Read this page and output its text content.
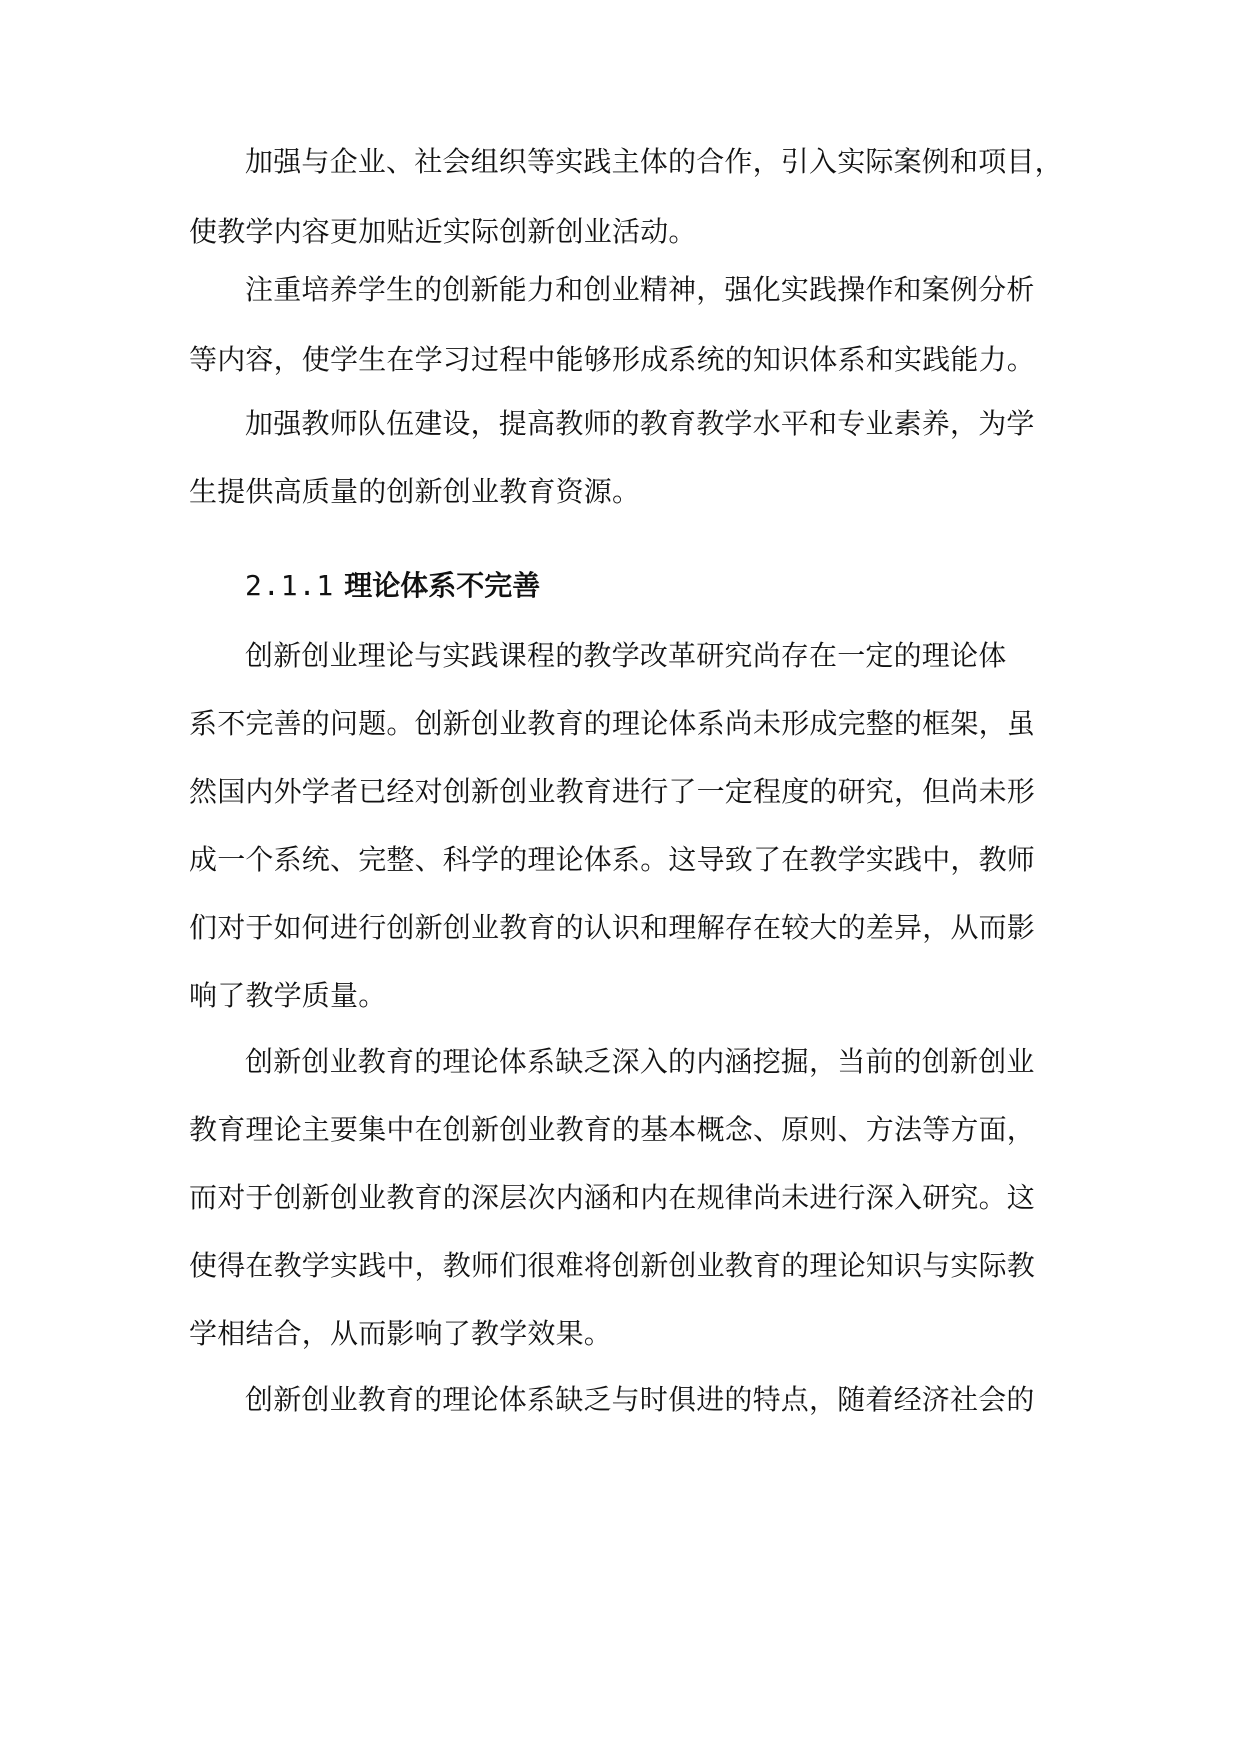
加强与企业、社会组织等实践主体的合作，引入实际案例和项目，
使教学内容更加贴近实际创新创业活动。
注重培养学生的创新能力和创业精神，强化实践操作和案例分析
等内容，使学生在学习过程中能够形成系统的知识体系和实践能力。
加强教师队伍建设，提高教师的教育教学水平和专业素养，为学
生提供高质量的创新创业教育资源。
2.1.1 理论体系不完善
创新创业理论与实践课程的教学改革研究尚存在一定的理论体
系不完善的问题。创新创业教育的理论体系尚未形成完整的框架，虽
然国内外学者已经对创新创业教育进行了一定程度的研究，但尚未形
成一个系统、完整、科学的理论体系。这导致了在教学实践中，教师
们对于如何进行创新创业教育的认识和理解存在较大的差异，从而影
响了教学质量。
创新创业教育的理论体系缺乏深入的内涵挖掘，当前的创新创业
教育理论主要集中在创新创业教育的基本概念、原则、方法等方面，
而对于创新创业教育的深层次内涵和内在规律尚未进行深入研究。这
使得在教学实践中，教师们很难将创新创业教育的理论知识与实际教
学相结合，从而影响了教学效果。
创新创业教育的理论体系缺乏与时俱进的特点，随着经济社会的
